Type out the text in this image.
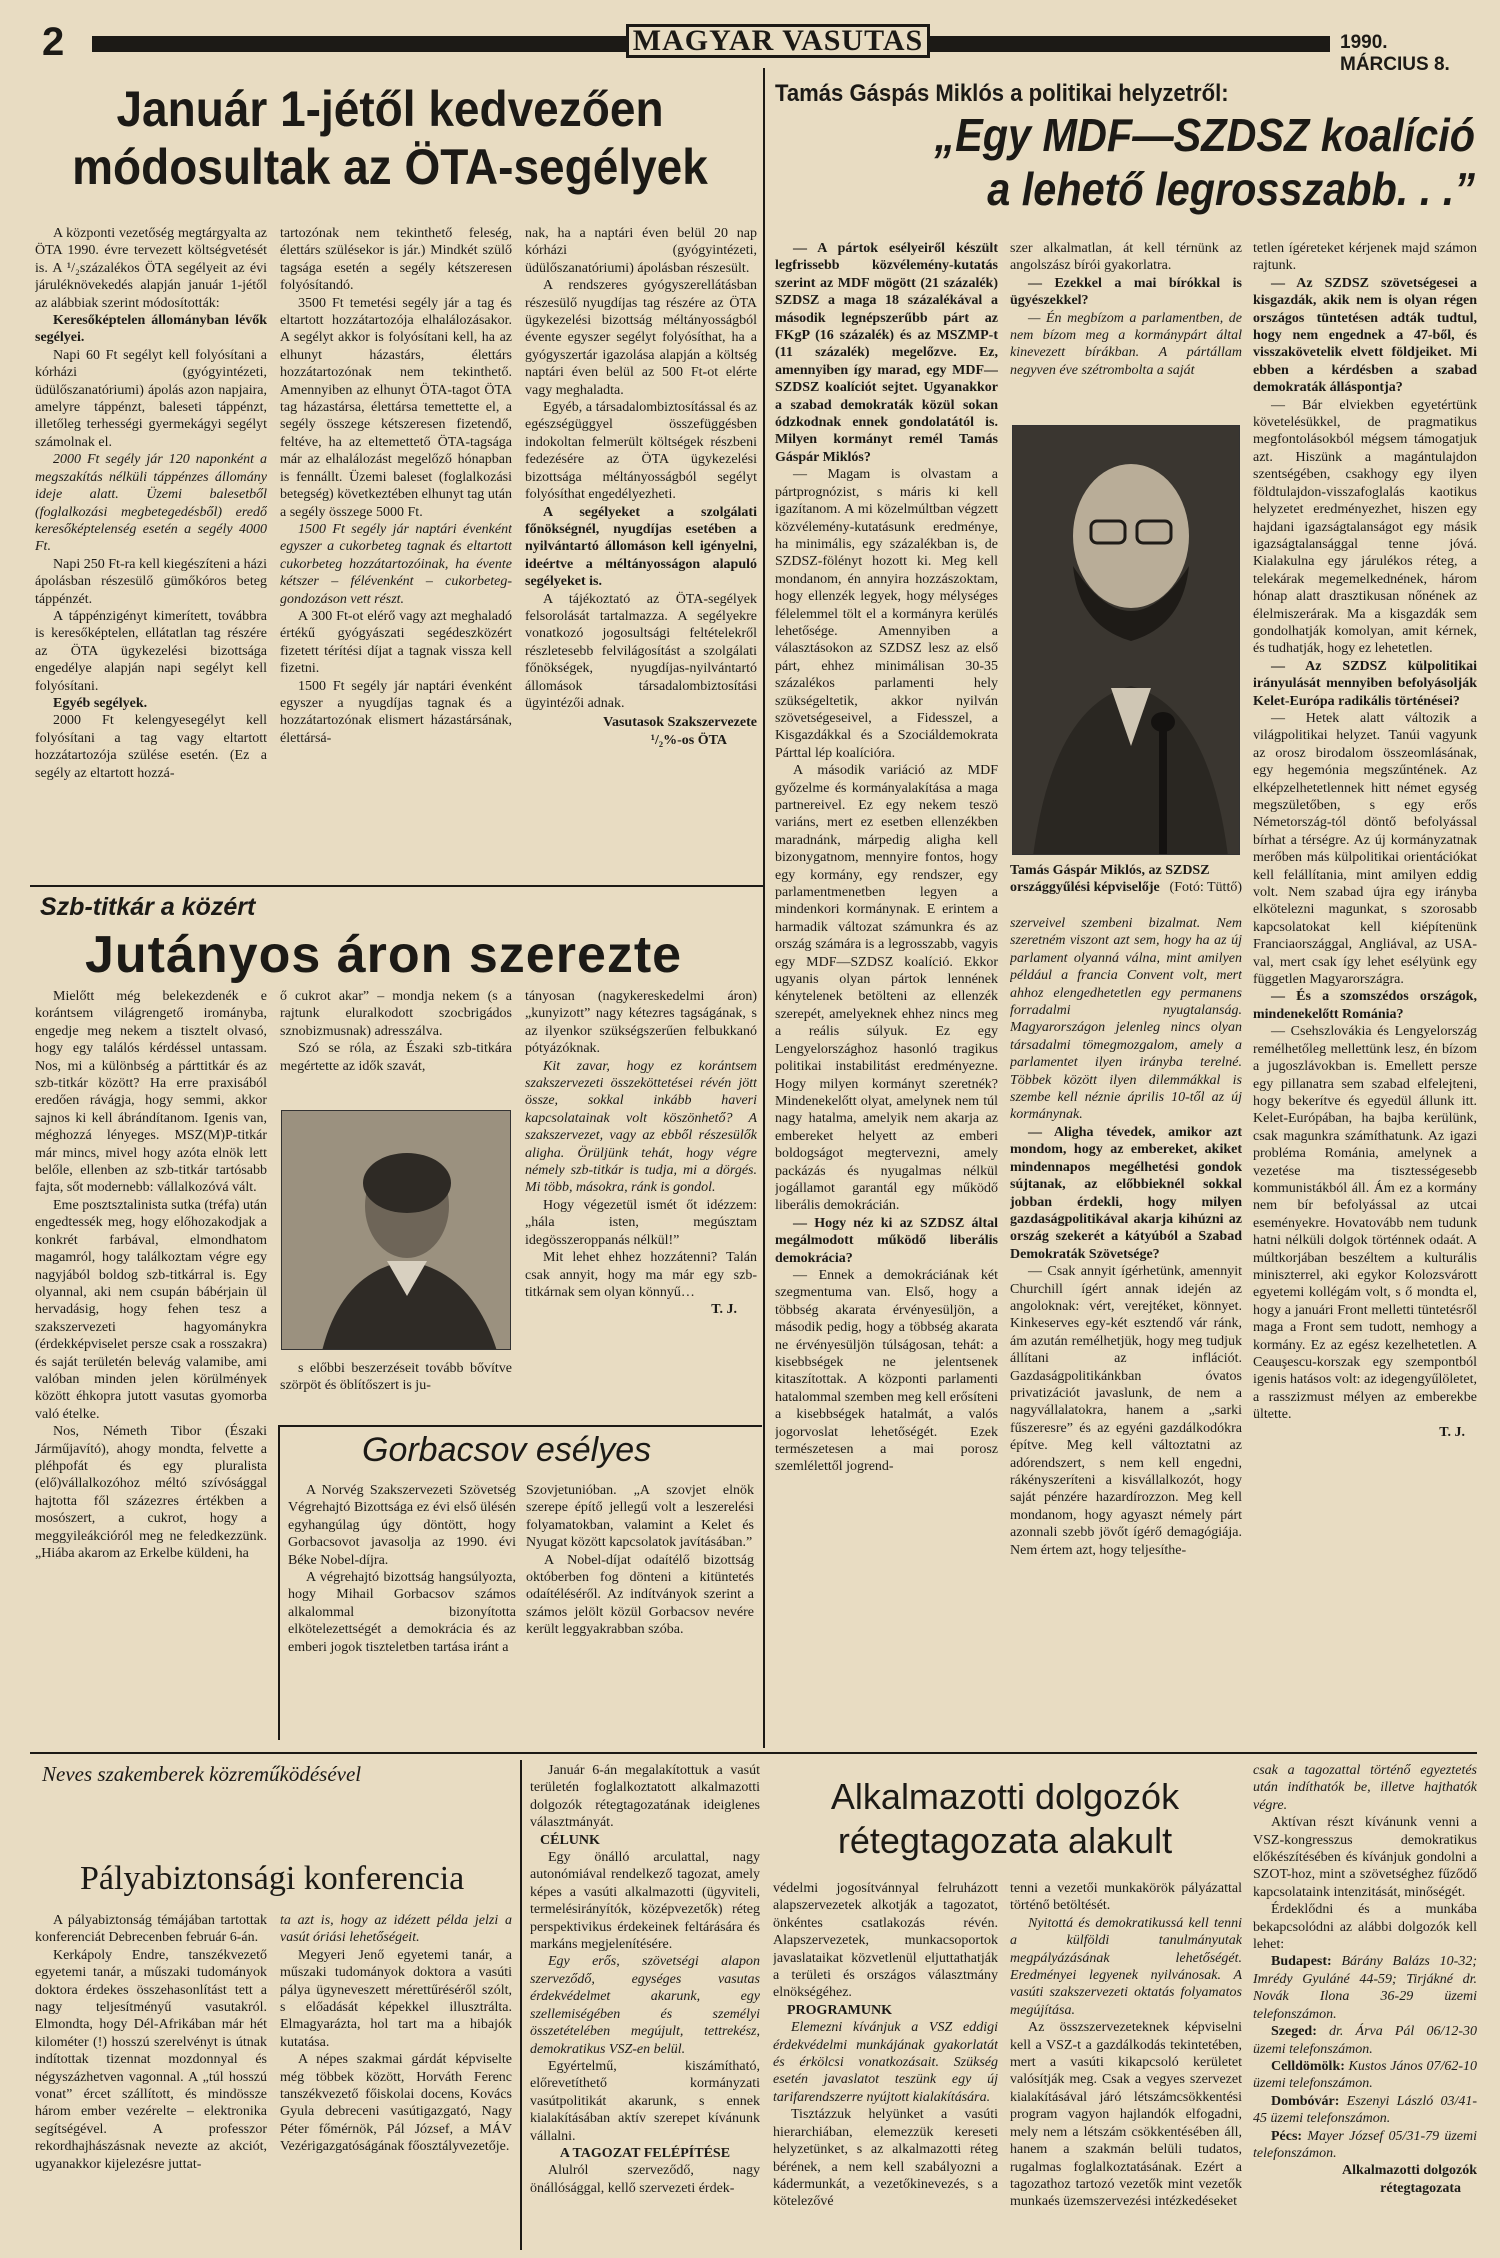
2	MAGYAR VASUTAS	1990. MÁRCIUS 8.
Január 1-jétől kedvezően
módosultak az ÖTA-segélyek

A központi vezetőség megtárgyalta az ÖTA 1990. évre tervezett költségvetését is. A ¹/₂százalékos ÖTA segélyeit az évi járuléknövekedés alapján január 1-jétől az alábbiak szerint módosították:

Keresőképtelen állományban lévők segélyei.

Napi 60 Ft segélyt kell folyósítani a kórházi (gyógyintézeti, üdülőszanatóriumi) ápolás azon napjaira, amelyre táppénzt, baleseti táppénzt, illetőleg terhességi gyermekágyi segélyt számolnak el.

2000 Ft segély jár 120 naponként a megszakítás nélküli táppénzes állomány ideje alatt. Üzemi balesetből (foglalkozási megbetegedésből) eredő keresőképtelenség esetén a segély 4000 Ft.

Napi 250 Ft-ra kell kiegészíteni a házi ápolásban részesülő gümőkóros beteg táppénzét.

A táppénzigényt kimerített, továbbra is keresőképtelen, ellátatlan tag részére az ÖTA ügykezelési bizottsága engedélye alapján napi segélyt kell folyósítani.

Egyéb segélyek.

2000 Ft kelengyesegélyt kell folyósítani a tag vagy eltartott hozzátartozója szülése esetén. (Ez a segély az eltartott hozzá-

tartozónak nem tekinthető feleség, élettárs szülésekor is jár.) Mindkét szülő tagsága esetén a segély kétszeresen folyósítandó.

3500 Ft temetési segély jár a tag és eltartott hozzátartozója elhalálozásakor. A segélyt akkor is folyósítani kell, ha az elhunyt házastárs, élettárs hozzátartozónak nem tekinthető. Amennyiben az elhunyt ÖTA-tagot ÖTA tag házastársa, élettársa temettette el, a segély összege kétszeresen fizetendő, feltéve, ha az eltemettető ÖTA-tagsága már az elhalálozást megelőző hónapban is fennállt. Üzemi baleset (foglalkozási betegség) következtében elhunyt tag után a segély összege 5000 Ft.

1500 Ft segély jár naptári évenként egyszer a cukorbeteg tagnak és eltartott cukorbeteg hozzátartozóinak, ha évente kétszer – félévenként – cukorbeteg-gondozáson vett részt.

A 300 Ft-ot elérő vagy azt meghaladó értékű gyógyászati segédeszközért fizetett térítési díjat a tagnak vissza kell fizetni.

1500 Ft segély jár naptári évenként egyszer a nyugdíjas tagnak és a hozzátartozónak elismert házastársának, élettársá-

nak, ha a naptári éven belül 20 nap kórházi (gyógyintézeti, üdülőszanatóriumi) ápolásban részesült.

A rendszeres gyógyszerellátásban részesülő nyugdíjas tag részére az ÖTA ügykezelési bizottság méltányosságból évente egyszer segélyt folyósíthat, ha a gyógyszertár igazolása alapján a költség naptári éven belül az 500 Ft-ot elérte vagy meghaladta.

Egyéb, a társadalombiztosítással és az egészségüggyel összefüggésben indokoltan felmerült költségek részbeni fedezésére az ÖTA ügykezelési bizottsága méltányosságból segélyt folyósíthat engedélyezheti.

A segélyeket a szolgálati főnökségnél, nyugdíjas esetében a nyilvántartó állomáson kell igényelni, ideértve a méltányosságon alapuló segélyeket is.

A tájékoztató az ÖTA-segélyek felsorolását tartalmazza. A segélyekre vonatkozó jogosultsági feltételekről részletesebb felvilágosítást a szolgálati főnökségek, nyugdíjas-nyilvántartó állomások társadalombiztosítási ügyintézői adnak.

Vasutasok Szakszervezete
¹/₂%-os ÖTA
Szb-titkár a közért
Jutányos áron szerezte

Mielőtt még belekezdenék e korántsem világrengető irományba, engedje meg nekem a tisztelt olvasó, hogy egy találós kérdéssel untassam. Nos, mi a különbség a párttitkár és az szb-titkár között? Ha erre praxisából eredően rávágja, hogy semmi, akkor sajnos ki kell ábrándítanom. Igenis van, méghozzá lényeges. MSZ(M)P-titkár már mincs, mivel hogy azóta elnök lett belőle, ellenben az szb-titkár tartósabb fajta, sőt modernebb: vállalkozóvá vált.

Eme posztsztalinista sutka (tréfa) után engedtessék meg, hogy előhozakodjak a konkrét farbával, elmondhatom magamról, hogy találkoztam végre egy nagyjából boldog szb-titkárral is. Egy olyannal, aki nem csupán bábérjain ül hervadásig, hogy fehen tesz a szakszervezeti hagyománykra (érdekképviselet persze csak a rosszakra) és saját területén belevág valamibe, ami valóban minden jelen körülmények között éhkopra jutott vasutas gyomorba való ételke.

Nos, Németh Tibor (Északi Járműjavító), ahogy mondta, felvette a pléhpofát és egy pluralista (elő)vállalkozóhoz méltó szívósággal hajtotta fől százezres értékben a mosószert, a cukrot, hogy a meggyileákcióról meg ne feledkezzünk. „Hiába akarom az Erkelbe küldeni, ha

ő cukrot akar” – mondja nekem (s a rajtunk eluralkodott szocbrigádos sznobizmusnak) adresszálva.

Szó se róla, az Északi szb-titkára megértette az idők szavát,

s előbbi beszerzéseit tovább bővítve szörpöt és öblítőszert is ju-

tányosan (nagykereskedelmi áron) „kunyizott” nagy kétezres tagságának, s az ilyenkor szükségszerűen felbukkanó pótyázóknak.

Kit zavar, hogy ez korántsem szakszervezeti összeköttetései révén jött össze, sokkal inkább haveri kapcsolatainak volt köszönhető? A szakszervezet, vagy az ebből részesülők aligha. Örüljünk tehát, hogy végre némely szb-titkár is tudja, mi a dörgés. Mi több, másokra, ránk is gondol.

Hogy végezetül ismét őt idézzem: „hála isten, megúsztam idegösszeroppanás nélkül!”

Mit lehet ehhez hozzátenni? Talán csak annyit, hogy ma már egy szb-titkárnak sem olyan könnyű…

T. J.
Gorbacsov esélyes

A Norvég Szakszervezeti Szövetség Végrehajtó Bizottsága ez évi első ülésén egyhangúlag úgy döntött, hogy Gorbacsovot javasolja az 1990. évi Béke Nobel-díjra.

A végrehajtó bizottság hangsúlyozta, hogy Mihail Gorbacsov számos alkalommal bizonyította elkötelezettségét a demokrácia és az emberi jogok tiszteletben tartása iránt a

Szovjetunióban. „A szovjet elnök szerepe építő jellegű volt a leszerelési folyamatokban, valamint a Kelet és Nyugat között kapcsolatok javításában.”

A Nobel-díjat odaítélő bizottság októberben fog dönteni a kitüntetés odaítéléséről. Az indítványok szerint a számos jelölt közül Gorbacsov nevére került leggyakrabban szóba.

Tamás Gáspás Miklós a politikai helyzetről:
„Egy MDF—SZDSZ koalíció
a lehető legrosszabb. . .”

— A pártok esélyeiről készült legfrissebb közvélemény-kutatás szerint az MDF mögött (21 százalék) SZDSZ a maga 18 százalékával a második legnépszerűbb párt az FKgP (16 százalék) és az MSZMP-t (11 százalék) megelőzve. Ez, amennyiben így marad, egy MDF—SZDSZ koalíciót sejtet. Ugyanakkor a szabad demokraták közül sokan ódzkodnak ennek gondolatától is. Milyen kormányt remél Tamás Gáspár Miklós?

— Magam is olvastam a pártprognózist, s máris ki kell igazítanom. A mi közelmúltban végzett közvélemény-kutatásunk eredménye, ha minimális, egy százalékban is, de SZDSZ-fölényt hozott ki. Meg kell mondanom, én annyira hozzászoktam, hogy ellenzék legyek, hogy mélységes félelemmel tölt el a kormányra kerülés lehetősége. Amennyiben a választásokon az SZDSZ lesz az első párt, ehhez minimálisan 30-35 százalékos parlamenti hely szükségeltetik, akkor nyilván szövetségeseivel, a Fidesszel, a Kisgazdákkal és a Szociáldemokrata Párttal lép koalícióra.

A második variáció az MDF győzelme és kormányalakítása a maga partnereivel. Ez egy nekem teszö variáns, mert ez esetben ellenzékben maradnánk, márpedig aligha kell bizonygatnom, mennyire fontos, hogy egy kormány, egy rendszer, egy parlamentmenetben legyen a mindenkori kormánynak. E erintem a harmadik változat számunkra és az ország számára is a legrosszabb, vagyis egy MDF—SZDSZ koalíció. Ekkor ugyanis olyan pártok lennének kénytelenek betölteni az ellenzék szerepét, amelyeknek ehhez nincs meg a reális súlyuk. Ez egy Lengyelországhoz hasonló tragikus politikai instabilitást eredményezne. Hogy milyen kormányt szeretnék? Mindenekelőtt olyat, amelynek nem túl nagy hatalma, amelyik nem akarja az embereket helyett az emberi boldogságot megtervezni, amely packázás és nyugalmas nélkül jogállamot garantál egy működő liberális demokrácián.

— Hogy néz ki az SZDSZ által megálmodott működő liberális demokrácia?

— Ennek a demokráciának két szegmentuma van. Első, hogy a többség akarata érvényesüljön, a második pedig, hogy a többség akarata ne érvényesüljön túlságosan, tehát: a kisebbségek ne jelentsenek kitaszítottak. A központi parlamenti hatalommal szemben meg kell erősíteni a kisebbségek hatalmát, a valós jogorvoslat lehetőségét. Ezek természetesen a mai porosz szemlélettől jogrend-

szer alkalmatlan, át kell térnünk az angolszász bírói gyakorlatra.

— Ezekkel a mai bírókkal is ügyészekkel?

— Én megbízom a parlamentben, de nem bízom meg a kormánypárt által kinevezett bírákban. A pártállam negyven éve szétrombolta a saját

Tamás Gáspár Miklós, az SZDSZ országgyűlési képviselője (Fotó: Tüttő)

szerveivel szembeni bizalmat. Nem szeretném viszont azt sem, hogy ha az új parlament olyanná válna, mint amilyen például a francia Convent volt, mert ahhoz elengedhetetlen egy permanens forradalmi nyugtalanság. Magyarországon jelenleg nincs olyan társadalmi tömegmozgalom, amely a parlamentet ilyen irányba terelné. Többek között ilyen dilemmákkal is szembe kell néznie április 10-től az új kormánynak.

— Aligha tévedek, amikor azt mondom, hogy az embereket, akiket mindennapos megélhetési gondok sújtanak, az előbbieknél sokkal jobban érdekli, hogy milyen gazdaságpolitikával akarja kihúzni az ország szekerét a kátyúból a Szabad Demokraták Szövetsége?

— Csak annyit ígérhetünk, amennyit Churchill ígért annak idején az angoloknak: vért, verejtéket, könnyet. Kinkeserves egy-két esztendő vár ránk, ám azután remélhetjük, hogy meg tudjuk állítani az inflációt. Gazdaságpolitikánkban óvatos privatizációt javaslunk, de nem a nagyvállalatokra, hanem a „sarki fűszeresre” és az egyéni gazdálkodókra építve. Meg kell változtatni az adórendszert, s nem kell engedni, rákényszeríteni a kisvállalkozót, hogy saját pénzére hazardírozzon. Meg kell mondanom, hogy agyaszt némely párt azonnali szebb jövőt ígérő demagógiája. Nem értem azt, hogy teljesíthe-

tetlen ígéreteket kérjenek majd számon rajtunk.

— Az SZDSZ szövetségesei a kisgazdák, akik nem is olyan régen országos tüntetésen adták tudtul, hogy nem engednek a 47-ből, és visszakövetelik elvett földjeiket. Mi ebben a kérdésben a szabad demokraták álláspontja?

— Bár elviekben egyetértünk követelésükkel, de pragmatikus megfontolásokból mégsem támogatjuk azt. Hiszünk a magántulajdon szentségében, csakhogy egy ilyen földtulajdon-visszafoglalás kaotikus helyzetet eredményezhet, hiszen egy hajdani igazságtalanságot egy másik igazságtalansággal tenne jóvá. Kialakulna egy járulékos réteg, a telekárak megemelkednének, három hónap alatt drasztikusan nőnének az élelmiszerárak. Ma a kisgazdák sem gondolhatják komolyan, amit kérnek, és tudhatják, hogy ez lehetetlen.

— Az SZDSZ külpolitikai irányulását mennyiben befolyásolják Kelet-Európa radikális történései?

— Hetek alatt változik a világpolitikai helyzet. Tanúi vagyunk az orosz birodalom összeomlásának, egy hegemónia megszűntének. Az elképzelhetetlennek hitt német egység megszületőben, s egy erős Németország-tól döntő befolyással bírhat a térségre. Az új kormányzatnak merőben más külpolitikai orientációkat kell felállítania, mint amilyen eddig volt. Nem szabad újra egy irányba elkötelezni magunkat, s szorosabb kapcsolatokat kell kiépítenünk Franciaországgal, Angliával, az USA-val, mert csak így lehet esélyünk egy független Magyarországra.

— És a szomszédos országok, mindenekelőtt Románia?

— Csehszlovákia és Lengyelország remélhetőleg mellettünk lesz, én bízom a jugoszlávokban is. Emellett persze egy pillanatra sem szabad elfelejteni, hogy bekerítve és egyedül állunk itt. Kelet-Európában, ha bajba kerülünk, csak magunkra számíthatunk. Az igazi probléma Románia, amelynek a vezetése ma tisztességesebb kommunistákból áll. Ám ez a kormány nem bír befolyással az utcai eseményekre. Hovatovább nem tudunk hatni nélküli dolgok történnek odaát. A múltkorjában beszéltem a kulturális miniszterrel, aki egykor Kolozsvárott egyetemi kollégám volt, s ő mondta el, hogy a januári Front melletti tüntetésről maga a Front sem tudott, nemhogy a kormány. Ez az egész kezelhetetlen. A Ceauşescu-korszak egy szempontból igenis hatásos volt: az idegengyűlöletet, a rasszizmust mélyen az emberekbe ültette.

T. J.
Neves szakemberek közreműködésével
Pályabiztonsági konferencia

A pályabiztonság témájában tartottak konferenciát Debrecenben február 6-án.

Kerkápoly Endre, tanszékvezető egyetemi tanár, a műszaki tudományok doktora érdekes összehasonlítást tett a nagy teljesítményű vasutakról. Elmondta, hogy Dél-Afrikában már hét kilométer (!) hosszú szerelvényt is útnak indítottak tizennat mozdonnyal és négyszázhetven vagonnal. A „túl hosszú vonat” ércet szállított, és mindössze három ember vezérelte – elektronika segítségével. A professzor rekordhajhászásnak nevezte az akciót, ugyanakkor kijelezésre juttat-

ta azt is, hogy az idézett példa jelzi a vasút óriási lehetőségeit.

Megyeri Jenő egyetemi tanár, a műszaki tudományok doktora a vasúti pálya ügyneveszett mérettűréséről szólt, s előadását képekkel illusztrálta. Elmagyarázta, hol tart ma a hibajók kutatása.

A népes szakmai gárdát képviselte még többek között, Horváth Ferenc tanszékvezető főiskolai docens, Kovács Gyula debreceni vasútigazgató, Nagy Péter főmérnök, Pál József, a MÁV Vezérigazgatóságának főosztályvezetője.

Január 6-án megalakítottuk a vasút területén foglalkoztatott alkalmazotti dolgozók rétegtagozatának ideiglenes választmányát.

CÉLUNK

Egy önálló arculattal, nagy autonómiával rendelkező tagozat, amely képes a vasúti alkalmazotti (ügyviteli, termelésirányítók, középvezetők) réteg perspektivikus érdekeinek feltárására és markáns megjelenítésére.

Egy erős, szövetségi alapon szerveződő, egységes vasutas érdekvédelmet akarunk, egy szellemiségében és személyi összetételében megújult, tettrekész, demokratikus VSZ-en belül.

Egyértelmű, kiszámítható, előrevetíthető kormányzati vasútpolitikát akarunk, s ennek kialakításában aktív szerepet kívánunk vállalni.

A TAGOZAT FELÉPÍTÉSE

Alulról szerveződő, nagy önállósággal, kellő szervezeti érdek-

Alkalmazotti dolgozók
rétegtagozata alakult

védelmi jogosítvánnyal felruházott alapszervezetek alkotják a tagozatot, önkéntes csatlakozás révén. Alapszervezetek, munkacsoportok javaslataikat közvetlenül eljuttathatják a területi és országos választmány elnökségéhez.

PROGRAMUNK

Elemezni kívánjuk a VSZ eddigi érdekvédelmi munkájának gyakorlatát és érkölcsi vonatkozásait. Szükség esetén javaslatot teszünk egy új tarifarendszerre nyújtott kialakítására.

Tisztázzuk helyünket a vasúti hierarchiában, elemezzük kereseti helyzetünket, s az alkalmazotti réteg bérének, a nem kell szabályozni a kádermunkát, a vezetőkinevezés, s a kötelezővé

tenni a vezetői munkakörök pályázattal történő betöltését.

Nyitottá és demokratikussá kell tenni a külföldi tanulmányutak megpályázásának lehetőségét. Eredményei legyenek nyilvánosak. A vasúti szakszervezeti oktatás folyamatos megújítása.

Az összszervezeteknek képviselni kell a VSZ-t a gazdálkodás tekintetében, mert a vasúti kikapcsoló kerületet valósítják meg. Csak a vegyes szervezet kialakításával járó létszámcsökkentési program vagyon hajlandók elfogadni, mely nem a létszám csökkentésében áll, hanem a szakmán belüli tudatos, rugalmas foglalkoztatásának. Ezért a tagozathoz tartozó vezetők mint vezetők munkaés üzemszervezési intézkedéseket

csak a tagozattal történő egyeztetés után indíthatók be, illetve hajthatók végre.

Aktívan részt kívánunk venni a VSZ-kongresszus demokratikus előkészítésében és kívánjuk gondolni a SZOT-hoz, mint a szövetséghez fűződő kapcsolataink intenzitását, minőségét.

Érdeklődni és a munkába bekapcsolódni az alábbi dolgozók kell lehet:

Budapest: Bárány Balázs 10-32; Imrédy Gyuláné 44-59; Tirjákné dr. Novák Ilona 36-29 üzemi telefonszámon.

Szeged: dr. Árva Pál 06/12-30 üzemi telefonszámon.

Celldömölk: Kustos János 07/62-10 üzemi telefonszámon.

Dombóvár: Eszenyi László 03/41-45 üzemi telefonszámon.

Pécs: Mayer József 05/31-79 üzemi telefonszámon.

Alkalmazotti dolgozók
rétegtagozata
